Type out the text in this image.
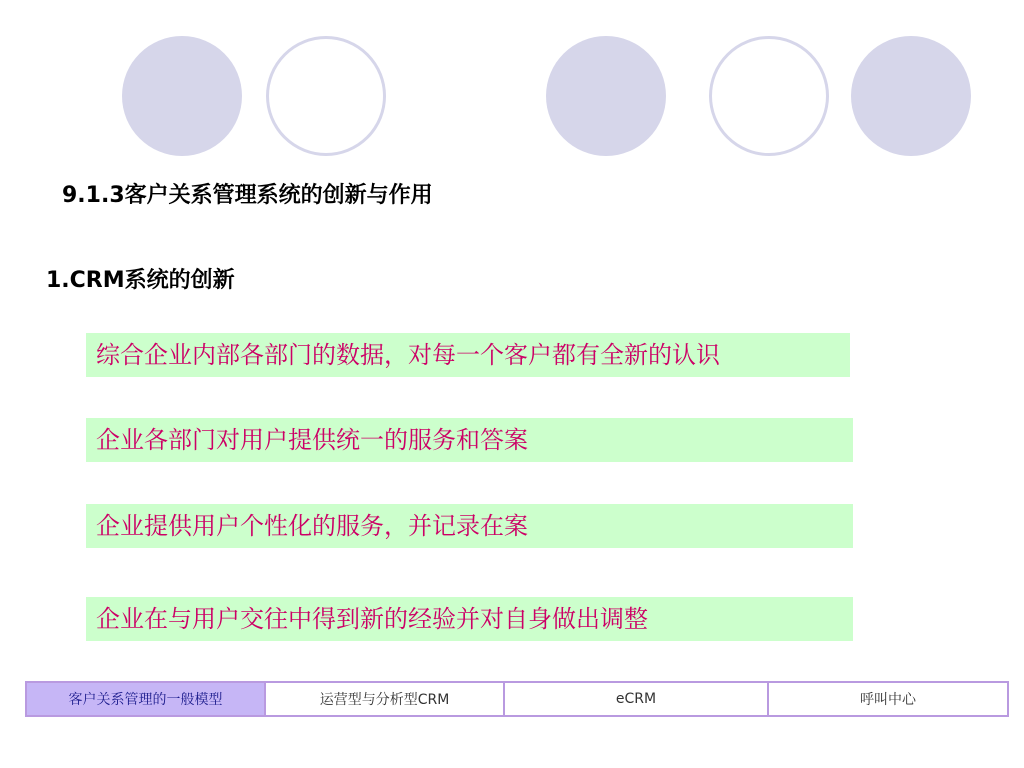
9.1.3客户关系管理系统的创新与作用
1.CRM系统的创新
综合企业内部各部门的数据，对每一个客户都有全新的认识
企业各部门对用户提供统一的服务和答案
企业提供用户个性化的服务，并记录在案
企业在与用户交往中得到新的经验并对自身做出调整
客户关系管理的一般模型	运营型与分析型CRM	eCRM	呼叫中心
